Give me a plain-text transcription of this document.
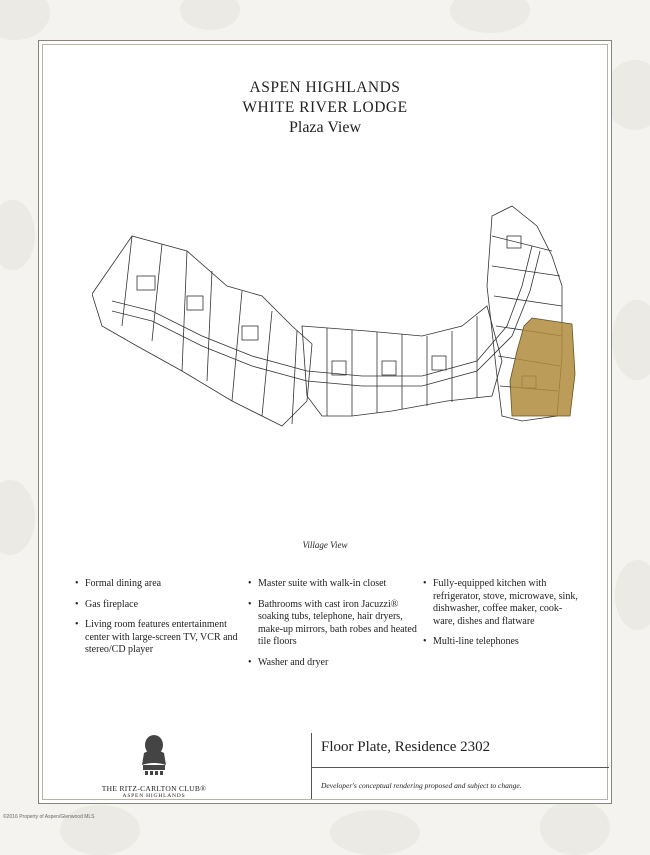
ASPEN HIGHLANDS
WHITE RIVER LODGE
Plaza View
Village View
• Formal dining area
• Gas fireplace
• Living room features entertainment center with large-screen TV, VCR and stereo/CD player
• Master suite with walk-in closet
• Bathrooms with cast iron Jacuzzi® soaking tubs, telephone, hair dryers, make-up mirrors, bath robes and heated tile floors
• Washer and dryer
• Fully-equipped kitchen with refrigerator, stove, microwave, sink, dishwasher, coffee maker, cook-ware, dishes and flatware
• Multi-line telephones
THE RITZ-CARLTON CLUB®
ASPEN HIGHLANDS
Floor Plate, Residence 2302
Developer's conceptual rendering proposed and subject to change.
©2016 Property of Aspen/Glenwood MLS
